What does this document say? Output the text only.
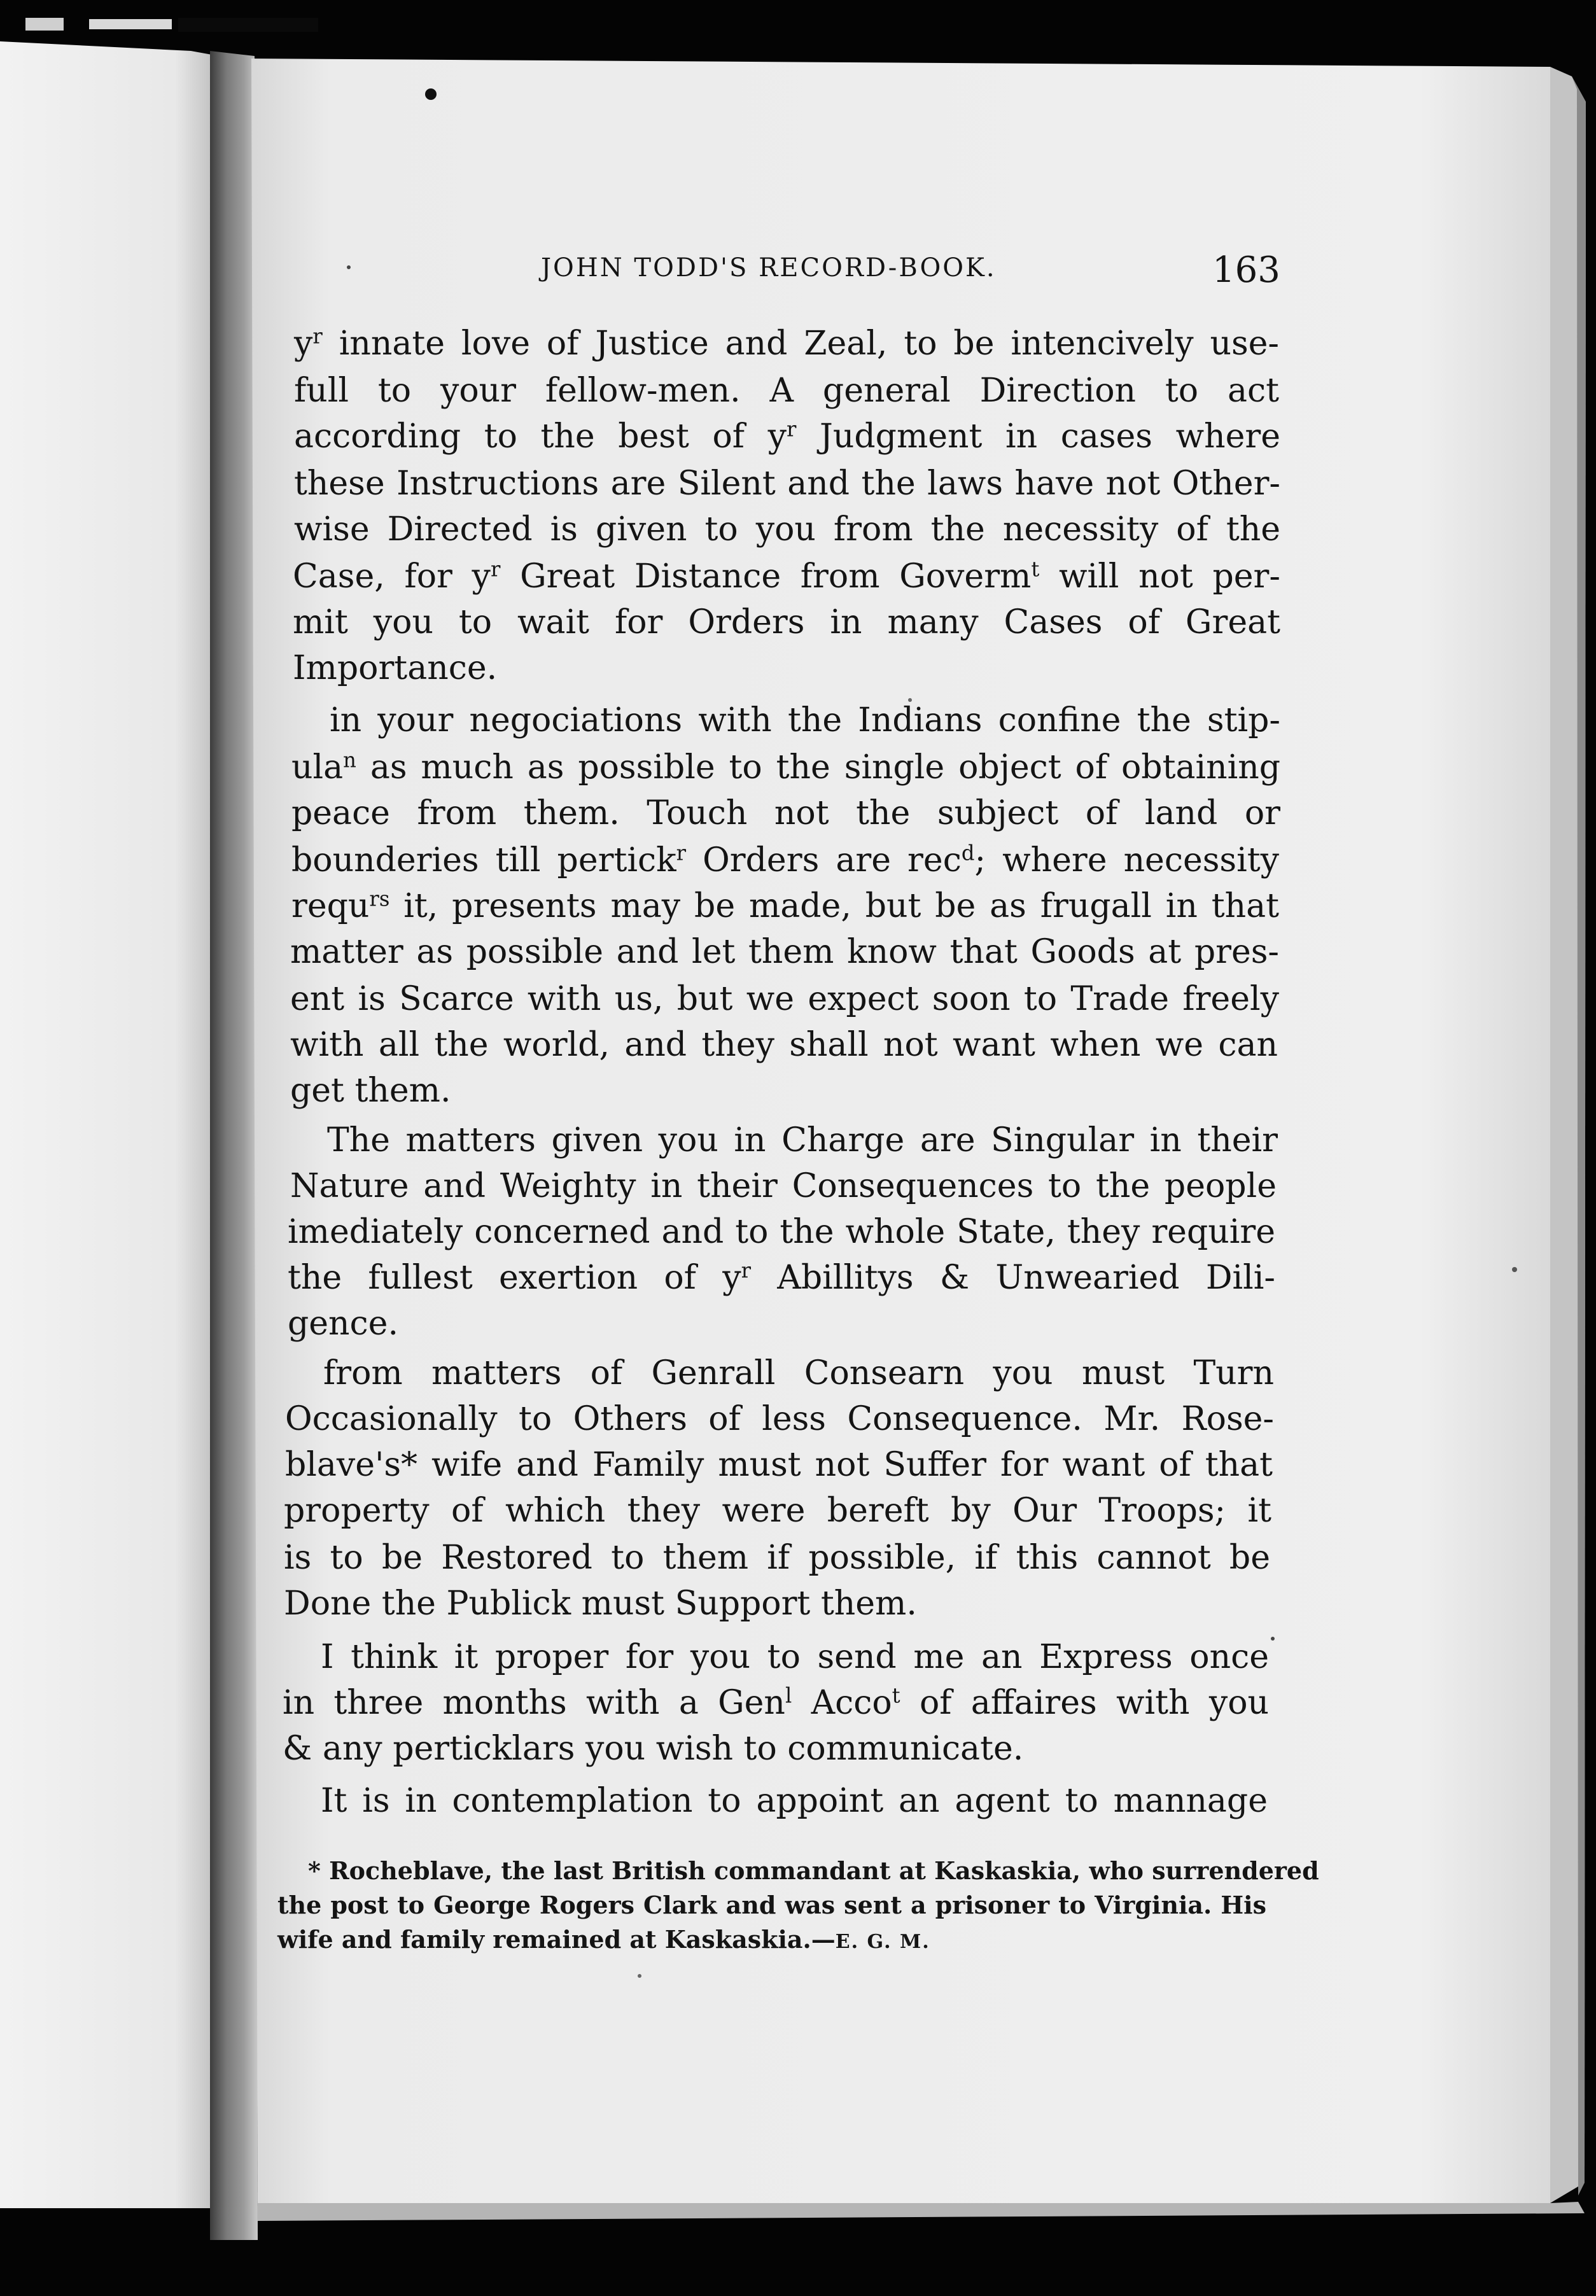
JOHN TODD'S RECORD-BOOK.	163
$y^r$ innate love of Justice and Zeal, to be intencively use-
full to your fellow-men. A general Direction to act
according to the best of $y^r$ Judgment in cases where
these Instructions are Silent and the laws have not Other-
wise Directed is given to you from the necessity of the
Case, for $y^r$ Great Distance from Goverm$^t$ will not per-
mit you to wait for Orders in many Cases of Great
Importance.
in your negociations with the Indians confine the stip-
ula$^n$ as much as possible to the single object of obtaining
peace from them. Touch not the subject of land or
bounderies till pertick$^r$ Orders are rec$^d$; where necessity
requ$^{rs}$ it, presents may be made, but be as frugall in that
matter as possible and let them know that Goods at pres-
ent is Scarce with us, but we expect soon to Trade freely
with all the world, and they shall not want when we can
get them.
The matters given you in Charge are Singular in their
Nature and Weighty in their Consequences to the people
imediately concerned and to the whole State, they require
the fullest exertion of $y^r$ Abillitys & Unwearied Dili-
gence.
from matters of Genrall Consearn you must Turn
Occasionally to Others of less Consequence. Mr. Rose-
blave's* wife and Family must not Suffer for want of that
property of which they were bereft by Our Troops; it
is to be Restored to them if possible, if this cannot be
Done the Publick must Support them.
I think it proper for you to send me an Express once
in three months with a Gen$^l$ Acco$^t$ of affaires with you
& any perticklars you wish to communicate.
It is in contemplation to appoint an agent to mannage
* Rocheblave, the last British commandant at Kaskaskia, who surrendered
the post to George Rogers Clark and was sent a prisoner to Virginia. His
wife and family remained at Kaskaskia.—E. G. M.
